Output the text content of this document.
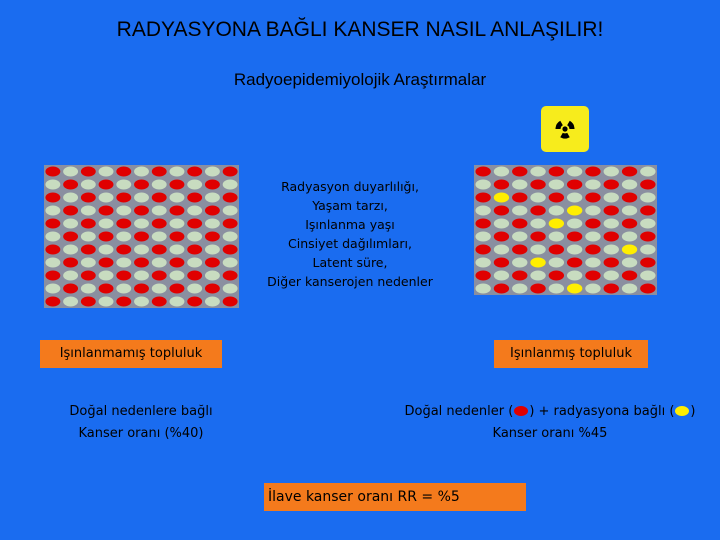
RADYASYONA BAĞLI KANSER NASIL ANLAŞILIR!
Radyoepidemiyolojik Araştırmalar
Radyasyon duyarlılığı,
Yaşam tarzı,
Işınlanma yaşı
Cinsiyet dağılımları,
Latent süre,
Diğer kanserojen nedenler
Işınlanmamış topluluk	Işınlanmış topluluk
Doğal nedenlere bağlı
Kanser oranı (%40)
Doğal nedenler ( ) + radyasyona bağlı ( )
Kanser oranı %45
İlave kanser oranı RR = %5
